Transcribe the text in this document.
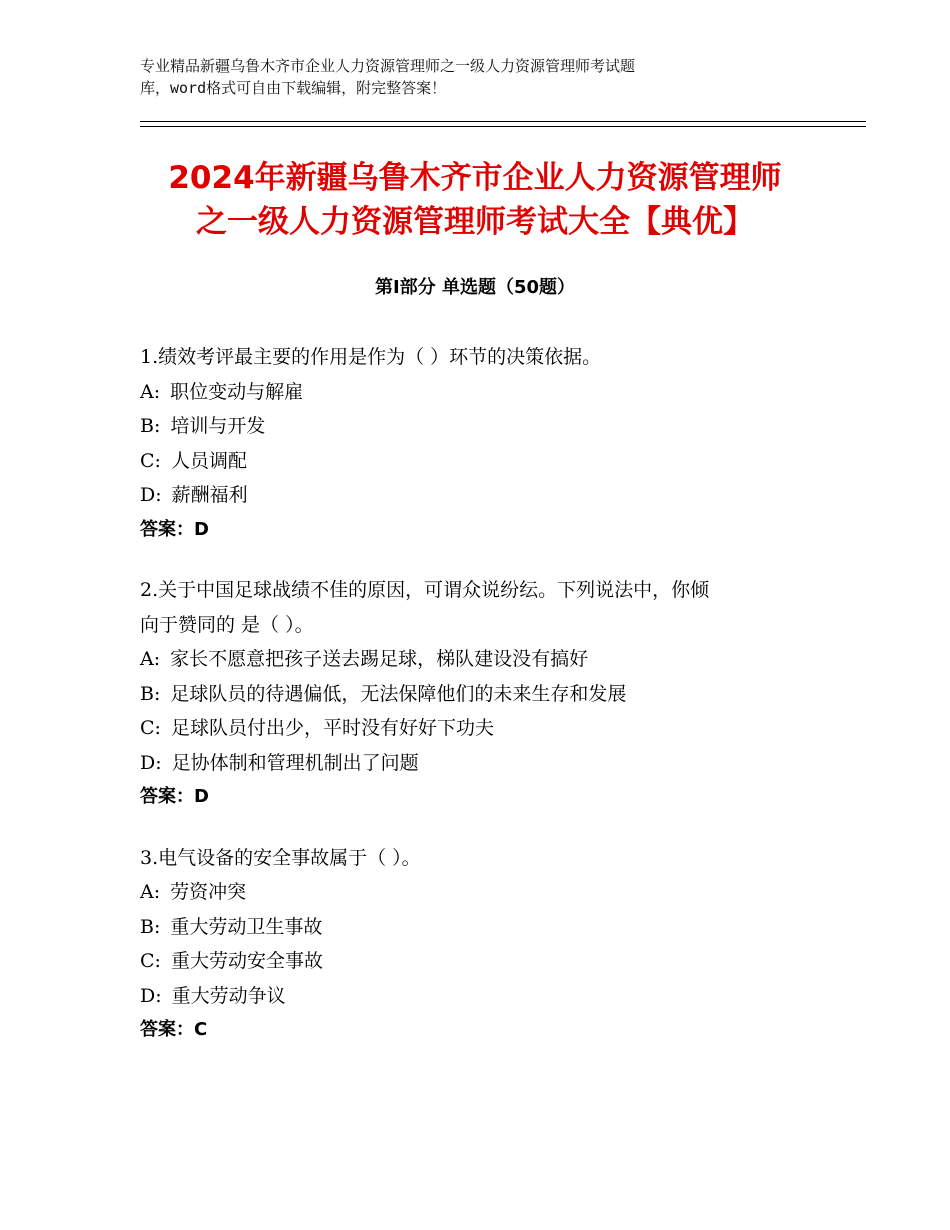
专业精品新疆乌鲁木齐市企业人力资源管理师之一级人力资源管理师考试题
库，word格式可自由下载编辑，附完整答案！
2024年新疆乌鲁木齐市企业人力资源管理师
之一级人力资源管理师考试大全【典优】
第Ⅰ部分 单选题（50题）
1.绩效考评最主要的作用是作为（ ）环节的决策依据。
A: 职位变动与解雇
B: 培训与开发
C: 人员调配
D: 薪酬福利
答案：D
2.关于中国足球战绩不佳的原因，可谓众说纷纭。下列说法中，你倾
向于赞同的 是（ ）。
A: 家长不愿意把孩子送去踢足球，梯队建设没有搞好
B: 足球队员的待遇偏低，无法保障他们的未来生存和发展
C: 足球队员付出少，平时没有好好下功夫
D: 足协体制和管理机制出了问题
答案：D
3.电气设备的安全事故属于（ ）。
A: 劳资冲突
B: 重大劳动卫生事故
C: 重大劳动安全事故
D: 重大劳动争议
答案：C
